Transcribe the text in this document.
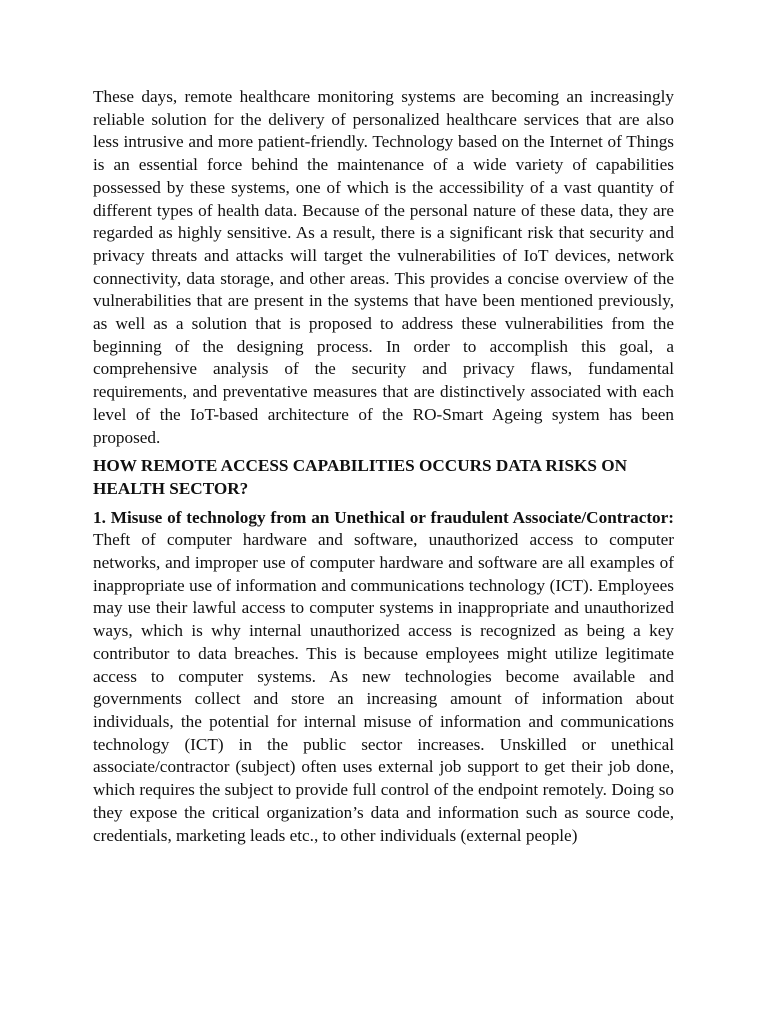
These days, remote healthcare monitoring systems are becoming an increasingly reliable solution for the delivery of personalized healthcare services that are also less intrusive and more patient-friendly. Technology based on the Internet of Things is an essential force behind the maintenance of a wide variety of capabilities possessed by these systems, one of which is the accessibility of a vast quantity of different types of health data. Because of the personal nature of these data, they are regarded as highly sensitive. As a result, there is a significant risk that security and privacy threats and attacks will target the vulnerabilities of IoT devices, network connectivity, data storage, and other areas. This provides a concise overview of the vulnerabilities that are present in the systems that have been mentioned previously, as well as a solution that is proposed to address these vulnerabilities from the beginning of the designing process. In order to accomplish this goal, a comprehensive analysis of the security and privacy flaws, fundamental requirements, and preventative measures that are distinctively associated with each level of the IoT-based architecture of the RO-Smart Ageing system has been proposed.

HOW REMOTE ACCESS CAPABILITIES OCCURS DATA RISKS ON HEALTH SECTOR?

1. Misuse of technology from an Unethical or fraudulent Associate/Contractor: Theft of computer hardware and software, unauthorized access to computer networks, and improper use of computer hardware and software are all examples of inappropriate use of information and communications technology (ICT). Employees may use their lawful access to computer systems in inappropriate and unauthorized ways, which is why internal unauthorized access is recognized as being a key contributor to data breaches. This is because employees might utilize legitimate access to computer systems. As new technologies become available and governments collect and store an increasing amount of information about individuals, the potential for internal misuse of information and communications technology (ICT) in the public sector increases. Unskilled or unethical associate/contractor (subject) often uses external job support to get their job done, which requires the subject to provide full control of the endpoint remotely. Doing so they expose the critical organization’s data and information such as source code, credentials, marketing leads etc., to other individuals (external people)
